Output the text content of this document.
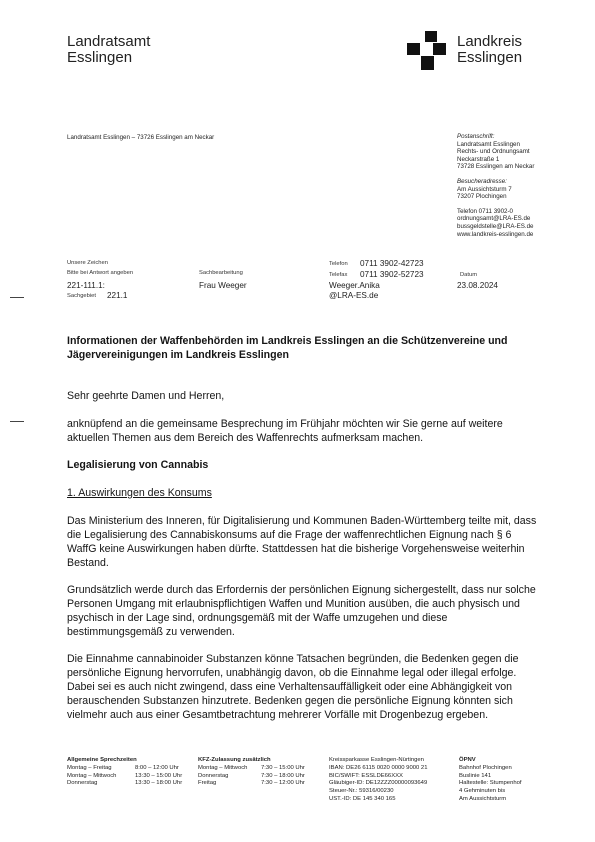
Landratsamt
Esslingen
Landkreis
Esslingen
Landratsamt Esslingen – 73726 Esslingen am Neckar	Postanschrift:
Landratsamt Esslingen
Rechts- und Ordnungsamt
Neckarstraße 1
73728 Esslingen am Neckar
Besucheradresse:
Am Aussichtsturm 7
73207 Plochingen
Telefon 0711 3902-0
ordnungsamt@LRA-ES.de
bussgeldstelle@LRA-ES.de
www.landkreis-esslingen.de
Unsere Zeichen
Bitte bei Antwort angeben
221-111.1:
Sachgebiet 221.1
Sachbearbeitung
Frau Weeger
Telefon 0711 3902-42723
Telefax 0711 3902-52723
Weeger.Anika
@LRA-ES.de
Datum
23.08.2024
Informationen der Waffenbehörden im Landkreis Esslingen an die Schützenvereine und Jägervereinigungen im Landkreis Esslingen
Sehr geehrte Damen und Herren,
anknüpfend an die gemeinsame Besprechung im Frühjahr möchten wir Sie gerne auf weitere aktuellen Themen aus dem Bereich des Waffenrechts aufmerksam machen.
Legalisierung von Cannabis
1. Auswirkungen des Konsums
Das Ministerium des Inneren, für Digitalisierung und Kommunen Baden-Württemberg teilte mit, dass die Legalisierung des Cannabiskonsums auf die Frage der waffenrechtlichen Eignung nach § 6 WaffG keine Auswirkungen haben dürfte. Stattdessen hat die bisherige Vorgehensweise weiterhin Bestand.
Grundsätzlich werde durch das Erfordernis der persönlichen Eignung sichergestellt, dass nur solche Personen Umgang mit erlaubnispflichtigen Waffen und Munition ausüben, die auch physisch und psychisch in der Lage sind, ordnungsgemäß mit der Waffe umzugehen und diese bestimmungsgemäß zu verwenden.
Die Einnahme cannabinoider Substanzen könne Tatsachen begründen, die Bedenken gegen die persönliche Eignung hervorrufen, unabhängig davon, ob die Einnahme legal oder illegal erfolge. Dabei sei es auch nicht zwingend, dass eine Verhaltensauffälligkeit oder eine Abhängigkeit von berauschenden Substanzen hinzutrete. Bedenken gegen die persönliche Eignung könnten sich vielmehr auch aus einer Gesamtbetrachtung mehrerer Vorfälle mit Drogenbezug ergeben.
Allgemeine Sprechzeiten
Montag – Freitag	8:00 – 12:00 Uhr
Montag – Mittwoch	13:30 – 15:00 Uhr
Donnerstag	13:30 – 18:00 Uhr
KFZ-Zulassung zusätzlich
Montag – Mittwoch	7:30 – 15:00 Uhr
Donnerstag	7:30 – 18:00 Uhr
Freitag	7:30 – 12:00 Uhr
Kreissparkasse Esslingen-Nürtingen
IBAN: DE26 6115 0020 0000 9000 21
BIC/SWIFT: ESSLDE66XXX
Gläubiger-ID: DE12ZZZ00000093649
Steuer-Nr.: 59316/00230
UST.-ID: DE 145 340 165
ÖPNV
Bahnhof Plochingen
Buslinie 141
Haltestelle: Stumpenhof
4 Gehminuten bis
Am Aussichtsturm
